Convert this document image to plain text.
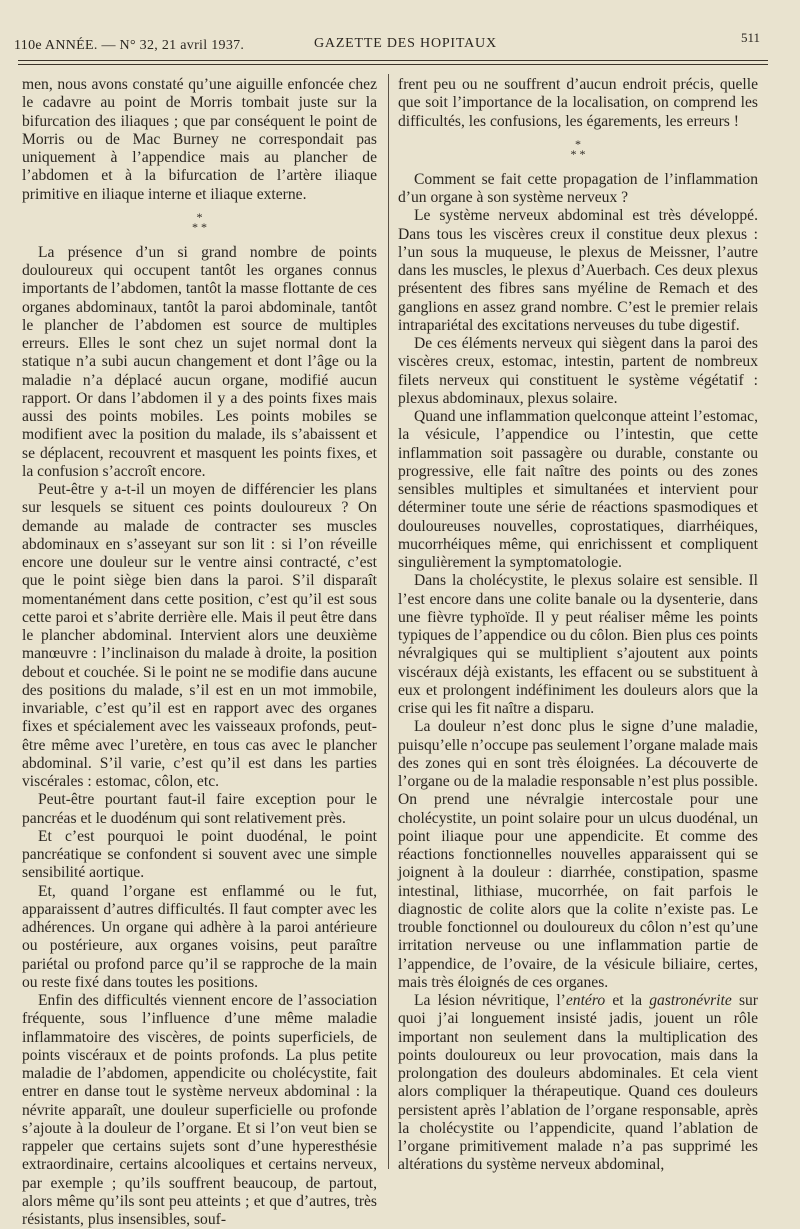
110e ANNÉE. — N° 32, 21 avril 1937.	GAZETTE DES HOPITAUX	511

men, nous avons constaté qu’une aiguille enfoncée chez le cadavre au point de Morris tombait juste sur la bifurcation des iliaques ; que par conséquent le point de Morris ou de Mac Burney ne correspondait pas uniquement à l’appendice mais au plancher de l’abdomen et à la bifurcation de l’artère iliaque primitive en iliaque interne et iliaque externe.

*
* *

La présence d’un si grand nombre de points douloureux qui occupent tantôt les organes connus importants de l’abdomen, tantôt la masse flottante de ces organes abdominaux, tantôt la paroi abdominale, tantôt le plancher de l’abdomen est source de multiples erreurs. Elles le sont chez un sujet normal dont la statique n’a subi aucun changement et dont l’âge ou la maladie n’a déplacé aucun organe, modifié aucun rapport. Or dans l’abdomen il y a des points fixes mais aussi des points mobiles. Les points mobiles se modifient avec la position du malade, ils s’abaissent et se déplacent, recouvrent et masquent les points fixes, et la confusion s’accroît encore.

Peut-être y a-t-il un moyen de différencier les plans sur lesquels se situent ces points douloureux ? On demande au malade de contracter ses muscles abdominaux en s’asseyant sur son lit : si l’on réveille encore une douleur sur le ventre ainsi contracté, c’est que le point siège bien dans la paroi. S’il disparaît momentanément dans cette position, c’est qu’il est sous cette paroi et s’abrite derrière elle. Mais il peut être dans le plancher abdominal. Intervient alors une deuxième manœuvre : l’inclinaison du malade à droite, la position debout et couchée. Si le point ne se modifie dans aucune des positions du malade, s’il est en un mot immobile, invariable, c’est qu’il est en rapport avec des organes fixes et spécialement avec les vaisseaux profonds, peut-être même avec l’uretère, en tous cas avec le plancher abdominal. S’il varie, c’est qu’il est dans les parties viscérales : estomac, côlon, etc.

Peut-être pourtant faut-il faire exception pour le pancréas et le duodénum qui sont relativement près.

Et c’est pourquoi le point duodénal, le point pancréatique se confondent si souvent avec une simple sensibilité aortique.

Et, quand l’organe est enflammé ou le fut, apparaissent d’autres difficultés. Il faut compter avec les adhérences. Un organe qui adhère à la paroi antérieure ou postérieure, aux organes voisins, peut paraître pariétal ou profond parce qu’il se rapproche de la main ou reste fixé dans toutes les positions.

Enfin des difficultés viennent encore de l’association fréquente, sous l’influence d’une même maladie inflammatoire des viscères, de points superficiels, de points viscéraux et de points profonds. La plus petite maladie de l’abdomen, appendicite ou cholécystite, fait entrer en danse tout le système nerveux abdominal : la névrite apparaît, une douleur superficielle ou profonde s’ajoute à la douleur de l’organe. Et si l’on veut bien se rappeler que certains sujets sont d’une hyperesthésie extraordinaire, certains alcooliques et certains nerveux, par exemple ; qu’ils souffrent beaucoup, de partout, alors même qu’ils sont peu atteints ; et que d’autres, très résistants, plus insensibles, souf-

frent peu ou ne souffrent d’aucun endroit précis, quelle que soit l’importance de la localisation, on comprend les difficultés, les confusions, les égarements, les erreurs !

*
* *

Comment se fait cette propagation de l’inflammation d’un organe à son système nerveux ?

Le système nerveux abdominal est très développé. Dans tous les viscères creux il constitue deux plexus : l’un sous la muqueuse, le plexus de Meissner, l’autre dans les muscles, le plexus d’Auerbach. Ces deux plexus présentent des fibres sans myéline de Remach et des ganglions en assez grand nombre. C’est le premier relais intrapariétal des excitations nerveuses du tube digestif.

De ces éléments nerveux qui siègent dans la paroi des viscères creux, estomac, intestin, partent de nombreux filets nerveux qui constituent le système végétatif : plexus abdominaux, plexus solaire.

Quand une inflammation quelconque atteint l’estomac, la vésicule, l’appendice ou l’intestin, que cette inflammation soit passagère ou durable, constante ou progressive, elle fait naître des points ou des zones sensibles multiples et simultanées et intervient pour déterminer toute une série de réactions spasmodiques et douloureuses nouvelles, coprostatiques, diarrhéiques, mucorrhéiques même, qui enrichissent et compliquent singulièrement la symptomatologie.

Dans la cholécystite, le plexus solaire est sensible. Il l’est encore dans une colite banale ou la dysenterie, dans une fièvre typhoïde. Il y peut réaliser même les points typiques de l’appendice ou du côlon. Bien plus ces points névralgiques qui se multiplient s’ajoutent aux points viscéraux déjà existants, les effacent ou se substituent à eux et prolongent indéfiniment les douleurs alors que la crise qui les fit naître a disparu.

La douleur n’est donc plus le signe d’une maladie, puisqu’elle n’occupe pas seulement l’organe malade mais des zones qui en sont très éloignées. La découverte de l’organe ou de la maladie responsable n’est plus possible. On prend une névralgie intercostale pour une cholécystite, un point solaire pour un ulcus duodénal, un point iliaque pour une appendicite. Et comme des réactions fonctionnelles nouvelles apparaissent qui se joignent à la douleur : diarrhée, constipation, spasme intestinal, lithiase, mucorrhée, on fait parfois le diagnostic de colite alors que la colite n’existe pas. Le trouble fonctionnel ou douloureux du côlon n’est qu’une irritation nerveuse ou une inflammation partie de l’appendice, de l’ovaire, de la vésicule biliaire, certes, mais très éloignés de ces organes.

La lésion névritique, l’entéro et la gastronévrite sur quoi j’ai longuement insisté jadis, jouent un rôle important non seulement dans la multiplication des points douloureux ou leur provocation, mais dans la prolongation des douleurs abdominales. Et cela vient alors compliquer la thérapeutique. Quand ces douleurs persistent après l’ablation de l’organe responsable, après la cholécystite ou l’appendicite, quand l’ablation de l’organe primitivement malade n’a pas supprimé les altérations du système nerveux abdominal,
